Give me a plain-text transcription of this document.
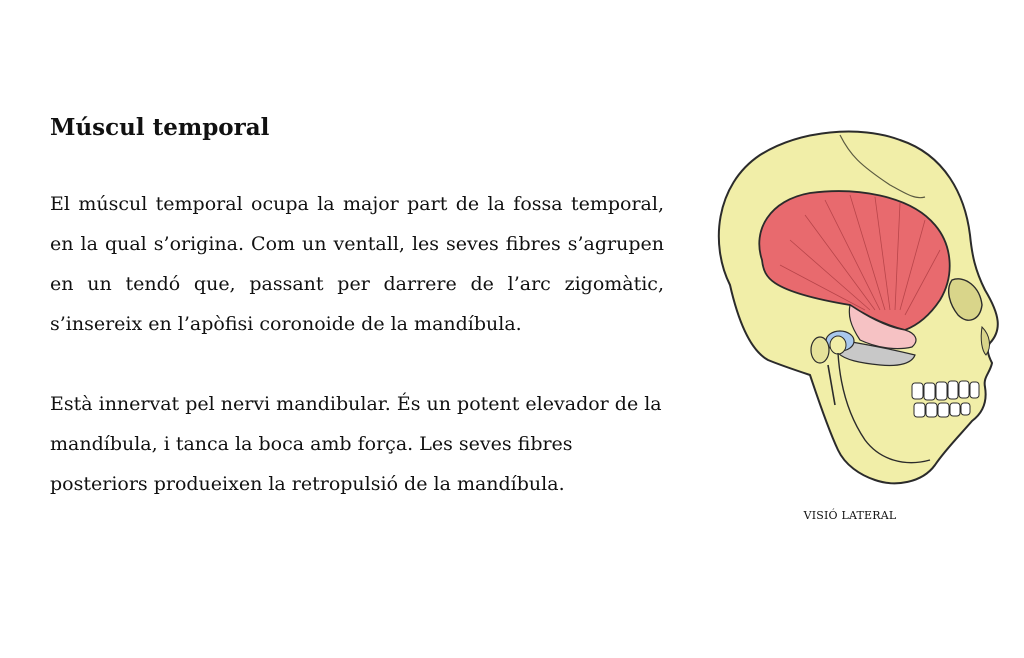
Múscul temporal

El múscul temporal ocupa la major part de la fossa temporal, en la qual s’origina. Com un ventall, les seves fibres s’agrupen en un tendó que, passant per darrere de l’arc zigomàtic, s’insereix en l’apòfisi coronoide de la mandíbula.

Està innervat pel nervi mandibular. És un potent elevador de la mandíbula, i tanca la boca amb força. Les seves fibres posteriors produeixen la retropulsió de la mandíbula.

VISIÓ LATERAL
